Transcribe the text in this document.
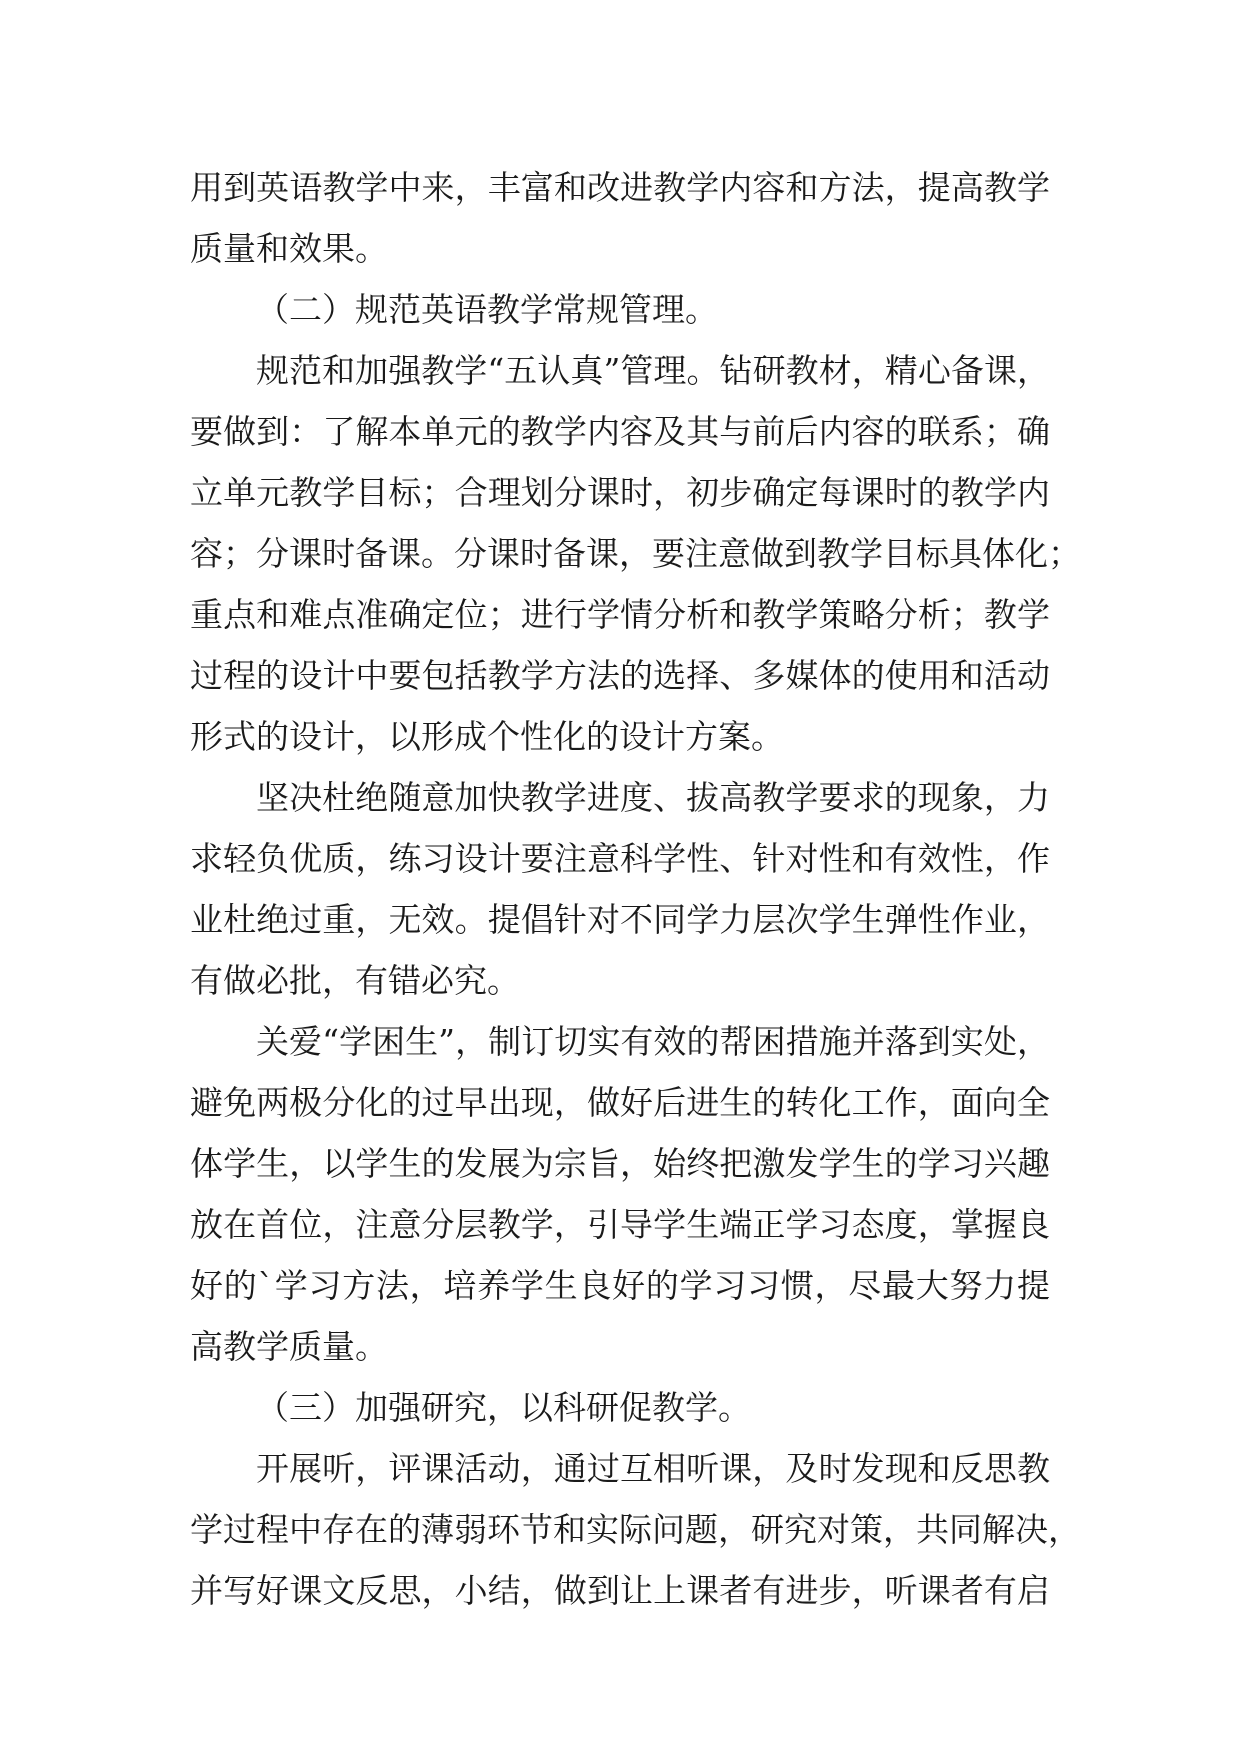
用到英语教学中来，丰富和改进教学内容和方法，提高教学
质量和效果。
（二）规范英语教学常规管理。
规范和加强教学“五认真”管理。钻研教材，精心备课，
要做到：了解本单元的教学内容及其与前后内容的联系；确
立单元教学目标；合理划分课时，初步确定每课时的教学内
容；分课时备课。分课时备课，要注意做到教学目标具体化；
重点和难点准确定位；进行学情分析和教学策略分析；教学
过程的设计中要包括教学方法的选择、多媒体的使用和活动
形式的设计，以形成个性化的设计方案。
坚决杜绝随意加快教学进度、拔高教学要求的现象，力
求轻负优质，练习设计要注意科学性、针对性和有效性，作
业杜绝过重，无效。提倡针对不同学力层次学生弹性作业，
有做必批，有错必究。
关爱“学困生”，制订切实有效的帮困措施并落到实处，
避免两极分化的过早出现，做好后进生的转化工作，面向全
体学生，以学生的发展为宗旨，始终把激发学生的学习兴趣
放在首位，注意分层教学，引导学生端正学习态度，掌握良
好的`学习方法，培养学生良好的学习习惯，尽最大努力提
高教学质量。
（三）加强研究，以科研促教学。
开展听，评课活动，通过互相听课，及时发现和反思教
学过程中存在的薄弱环节和实际问题，研究对策，共同解决，
并写好课文反思，小结，做到让上课者有进步，听课者有启
